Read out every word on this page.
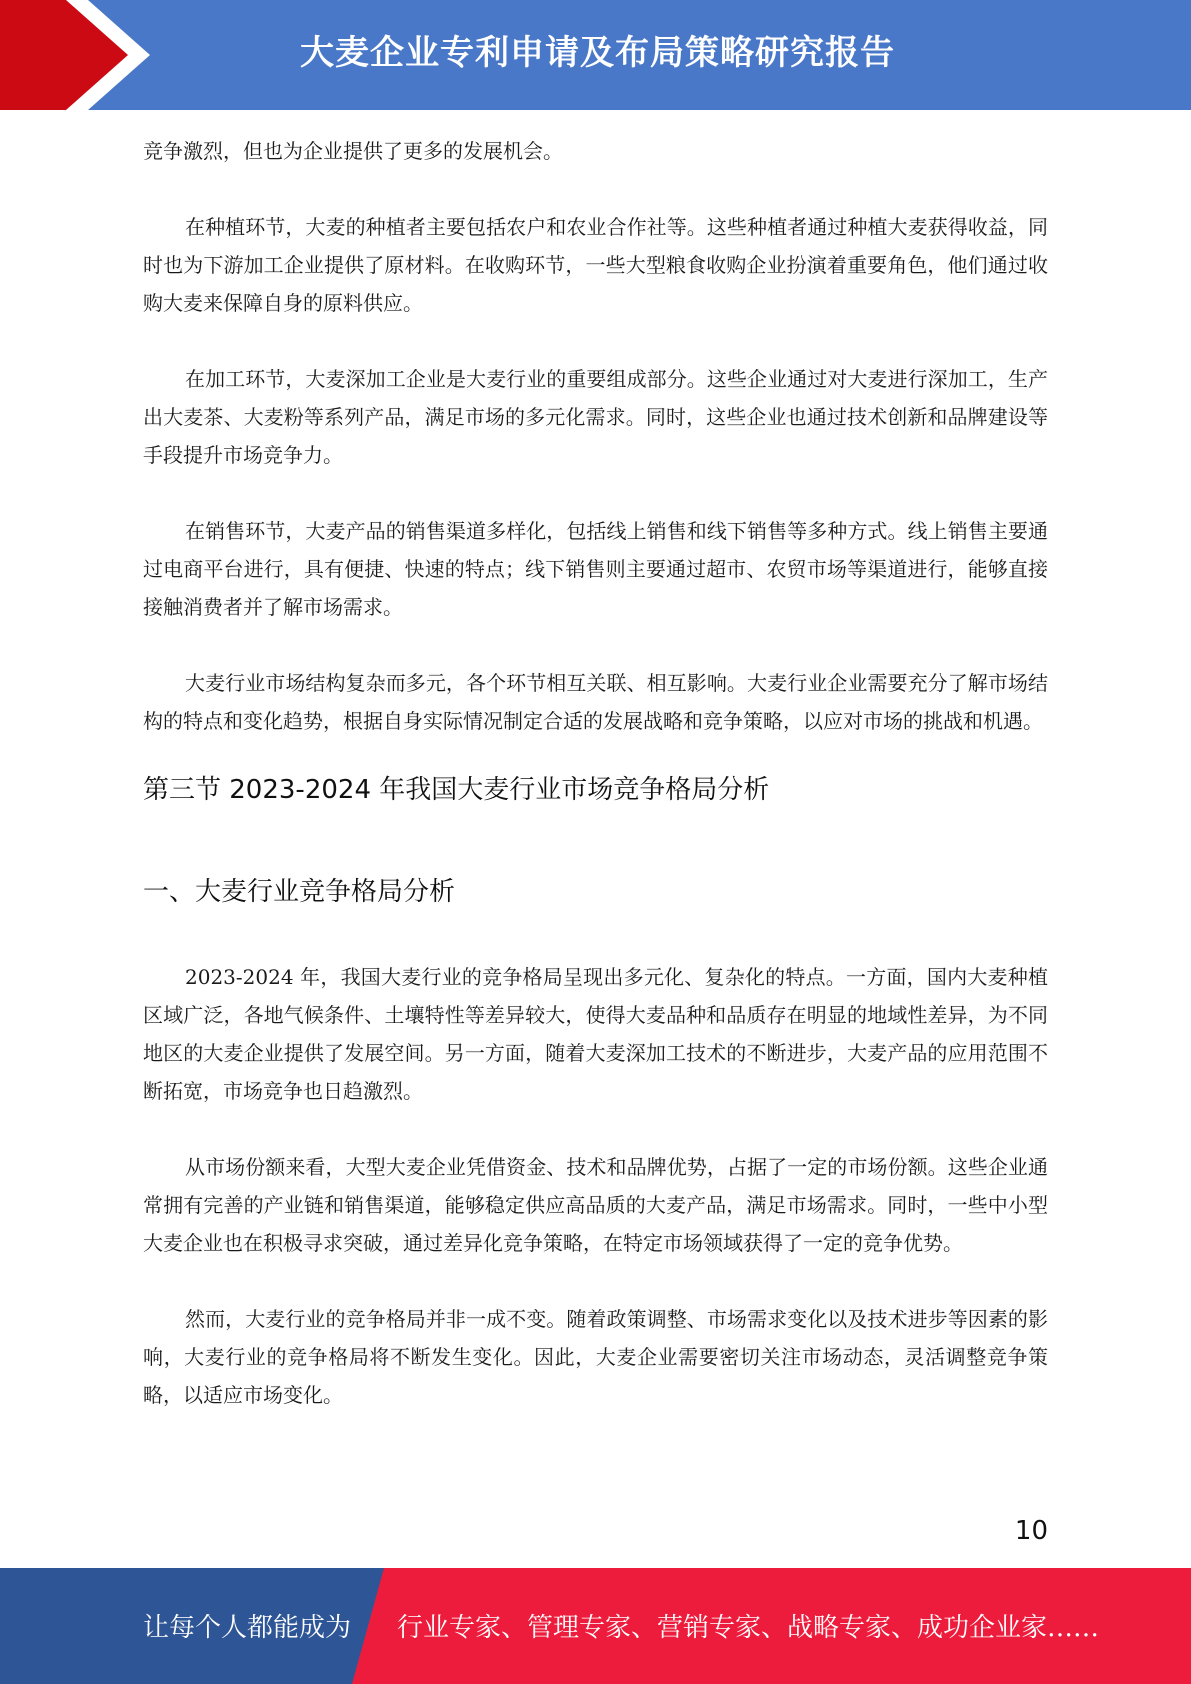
大麦企业专利申请及布局策略研究报告

竞争激烈，但也为企业提供了更多的发展机会。

在种植环节，大麦的种植者主要包括农户和农业合作社等。这些种植者通过种植大麦获得收益，同时也为下游加工企业提供了原材料。在收购环节，一些大型粮食收购企业扮演着重要角色，他们通过收购大麦来保障自身的原料供应。

在加工环节，大麦深加工企业是大麦行业的重要组成部分。这些企业通过对大麦进行深加工，生产出大麦茶、大麦粉等系列产品，满足市场的多元化需求。同时，这些企业也通过技术创新和品牌建设等手段提升市场竞争力。

在销售环节，大麦产品的销售渠道多样化，包括线上销售和线下销售等多种方式。线上销售主要通过电商平台进行，具有便捷、快速的特点；线下销售则主要通过超市、农贸市场等渠道进行，能够直接接触消费者并了解市场需求。

大麦行业市场结构复杂而多元，各个环节相互关联、相互影响。大麦行业企业需要充分了解市场结构的特点和变化趋势，根据自身实际情况制定合适的发展战略和竞争策略，以应对市场的挑战和机遇。

第三节 2023-2024 年我国大麦行业市场竞争格局分析
一、大麦行业竞争格局分析

2023-2024 年，我国大麦行业的竞争格局呈现出多元化、复杂化的特点。一方面，国内大麦种植区域广泛，各地气候条件、土壤特性等差异较大，使得大麦品种和品质存在明显的地域性差异，为不同地区的大麦企业提供了发展空间。另一方面，随着大麦深加工技术的不断进步，大麦产品的应用范围不断拓宽，市场竞争也日趋激烈。

从市场份额来看，大型大麦企业凭借资金、技术和品牌优势，占据了一定的市场份额。这些企业通常拥有完善的产业链和销售渠道，能够稳定供应高品质的大麦产品，满足市场需求。同时，一些中小型大麦企业也在积极寻求突破，通过差异化竞争策略，在特定市场领域获得了一定的竞争优势。

然而，大麦行业的竞争格局并非一成不变。随着政策调整、市场需求变化以及技术进步等因素的影响，大麦行业的竞争格局将不断发生变化。因此，大麦企业需要密切关注市场动态，灵活调整竞争策略，以适应市场变化。

10
让每个人都能成为 行业专家、管理专家、营销专家、战略专家、成功企业家……
